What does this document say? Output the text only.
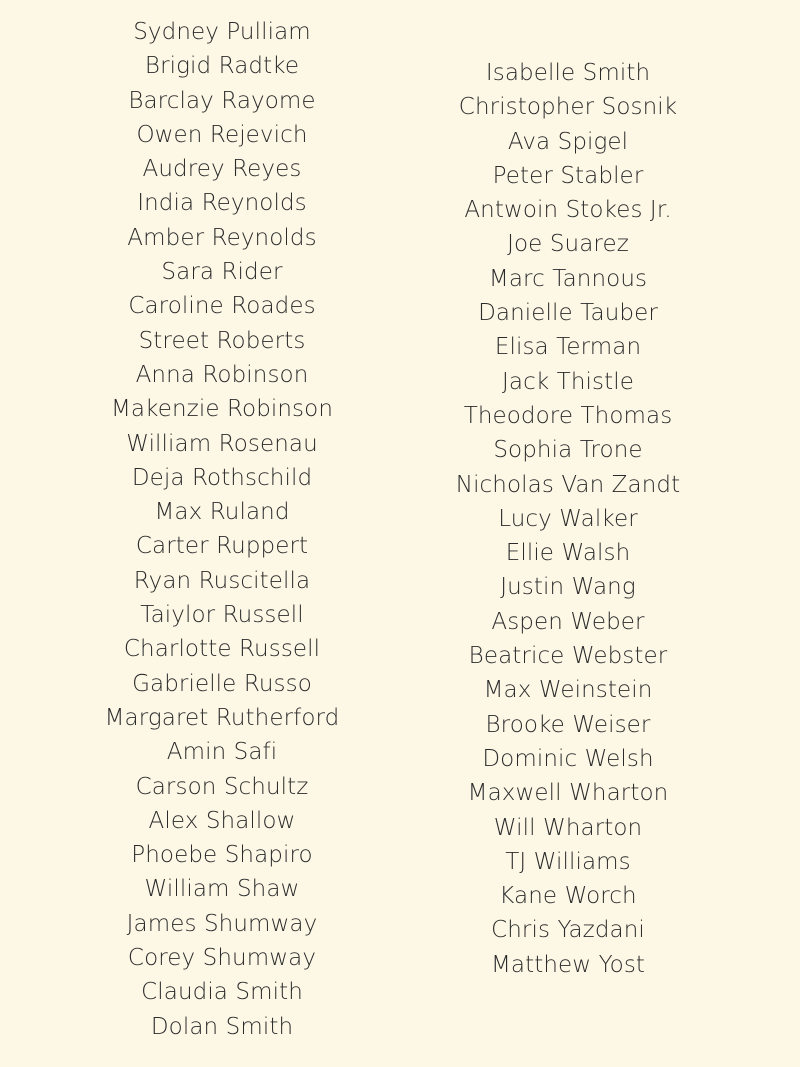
Sydney Pulliam
Brigid Radtke
Barclay Rayome
Owen Rejevich
Audrey Reyes
India Reynolds
Amber Reynolds
Sara Rider
Caroline Roades
Street Roberts
Anna Robinson
Makenzie Robinson
William Rosenau
Deja Rothschild
Max Ruland
Carter Ruppert
Ryan Ruscitella
Taiylor Russell
Charlotte Russell
Gabrielle Russo
Margaret Rutherford
Amin Safi
Carson Schultz
Alex Shallow
Phoebe Shapiro
William Shaw
James Shumway
Corey Shumway
Claudia Smith
Dolan Smith
Isabelle Smith
Christopher Sosnik
Ava Spigel
Peter Stabler
Antwoin Stokes Jr.
Joe Suarez
Marc Tannous
Danielle Tauber
Elisa Terman
Jack Thistle
Theodore Thomas
Sophia Trone
Nicholas Van Zandt
Lucy Walker
Ellie Walsh
Justin Wang
Aspen Weber
Beatrice Webster
Max Weinstein
Brooke Weiser
Dominic Welsh
Maxwell Wharton
Will Wharton
TJ Williams
Kane Worch
Chris Yazdani
Matthew Yost
